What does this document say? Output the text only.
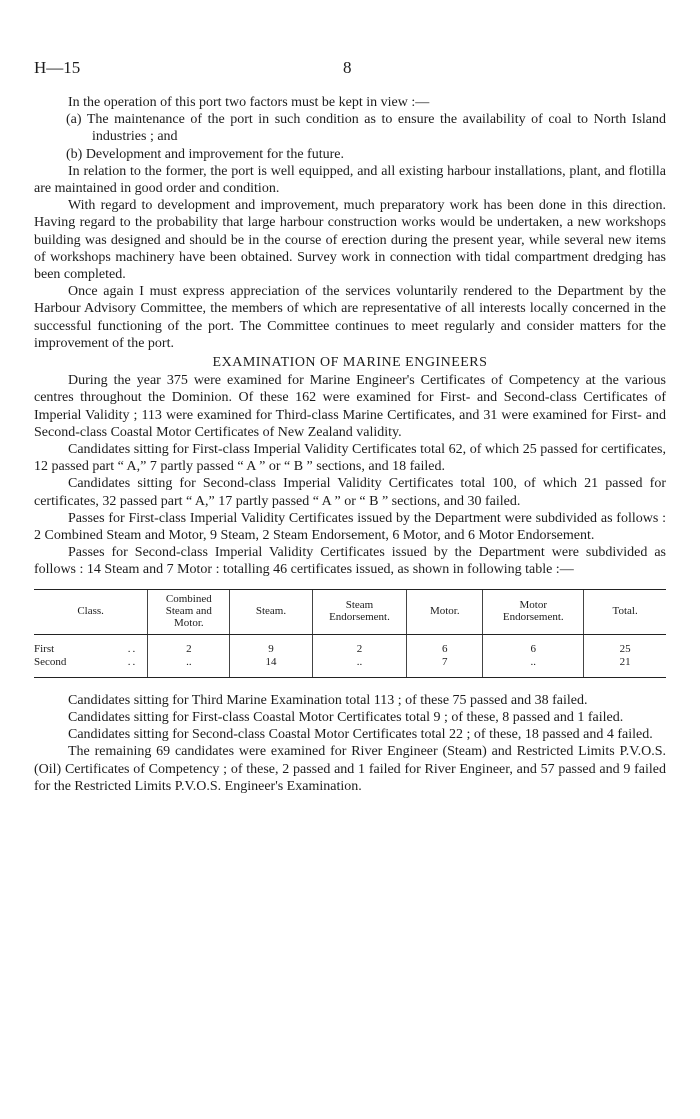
H—15	8

In the operation of this port two factors must be kept in view :—

(a) The maintenance of the port in such condition as to ensure the availability of coal to North Island industries ; and

(b) Development and improvement for the future.

In relation to the former, the port is well equipped, and all existing harbour installations, plant, and flotilla are maintained in good order and condition.

With regard to development and improvement, much preparatory work has been done in this direction. Having regard to the probability that large harbour construction works would be undertaken, a new workshops building was designed and should be in the course of erection during the present year, while several new items of workshops machinery have been obtained. Survey work in connection with tidal compartment dredging has been completed.

Once again I must express appreciation of the services voluntarily rendered to the Department by the Harbour Advisory Committee, the members of which are representative of all interests locally concerned in the successful functioning of the port. The Committee continues to meet regularly and consider matters for the improvement of the port.

EXAMINATION OF MARINE ENGINEERS

During the year 375 were examined for Marine Engineer's Certificates of Competency at the various centres throughout the Dominion. Of these 162 were examined for First- and Second-class Certificates of Imperial Validity ; 113 were examined for Third-class Marine Certificates, and 31 were examined for First- and Second-class Coastal Motor Certificates of New Zealand validity.

Candidates sitting for First-class Imperial Validity Certificates total 62, of which 25 passed for certificates, 12 passed part “ A,” 7 partly passed “ A ” or “ B ” sections, and 18 failed.

Candidates sitting for Second-class Imperial Validity Certificates total 100, of which 21 passed for certificates, 32 passed part “ A,” 17 partly passed “ A ” or “ B ” sections, and 30 failed.

Passes for First-class Imperial Validity Certificates issued by the Department were subdivided as follows : 2 Combined Steam and Motor, 9 Steam, 2 Steam Endorsement, 6 Motor, and 6 Motor Endorsement.

Passes for Second-class Imperial Validity Certificates issued by the Department were subdivided as follows : 14 Steam and 7 Motor : totalling 46 certificates issued, as shown in following table :—

Class.	Combined
Steam and
Motor.	Steam.	Steam
Endorsement.	Motor.	Motor
Endorsement.	Total.
First ..	2	9	2	6	6	25
Second ..	..	14	..	7	..	21

Candidates sitting for Third Marine Examination total 113 ; of these 75 passed and 38 failed.

Candidates sitting for First-class Coastal Motor Certificates total 9 ; of these, 8 passed and 1 failed.

Candidates sitting for Second-class Coastal Motor Certificates total 22 ; of these, 18 passed and 4 failed.

The remaining 69 candidates were examined for River Engineer (Steam) and Restricted Limits P.V.O.S. (Oil) Certificates of Competency ; of these, 2 passed and 1 failed for River Engineer, and 57 passed and 9 failed for the Restricted Limits P.V.O.S. Engineer's Examination.
